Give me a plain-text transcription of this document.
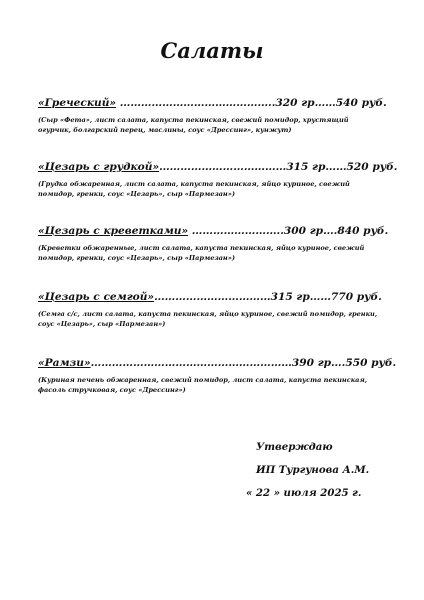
Салаты
«Греческий» ……………………………………..320 гр……540 руб.
(Сыр «Фета», лист салата, капуста пекинская, свежий помидор, хрустящий огурчик, болгарский перец, маслины, соус «Дрессинг», кунжут)
«Цезарь с грудкой»………………………………315 гр……520 руб.
(Грудка обжаренная, лист салата, капуста пекинская, яйцо куриное, свежий помидор, гренки, соус «Цезарь», сыр «Пармезан»)
«Цезарь с креветками» ……………………..300 гр….840 руб.
(Креветки обжаренные, лист салата, капуста пекинская, яйцо куриное, свежий помидор, гренки, соус «Цезарь», сыр «Пармезан»)
«Цезарь с семгой»……………………………315 гр……770 руб.
(Семга с/с, лист салата, капуста пекинская, яйцо куриное, свежий помидор, гренки, соус «Цезарь», сыр «Пармезан»)
«Рамзи»…………………………………………………390 гр….550 руб.
(Куриная печень обжаренная, свежий помидор, лист салата, капуста пекинская, фасоль стручковая, соус «Дрессинг»)
Утверждаю
ИП Тургунова А.М.
« 22 » июля 2025 г.
